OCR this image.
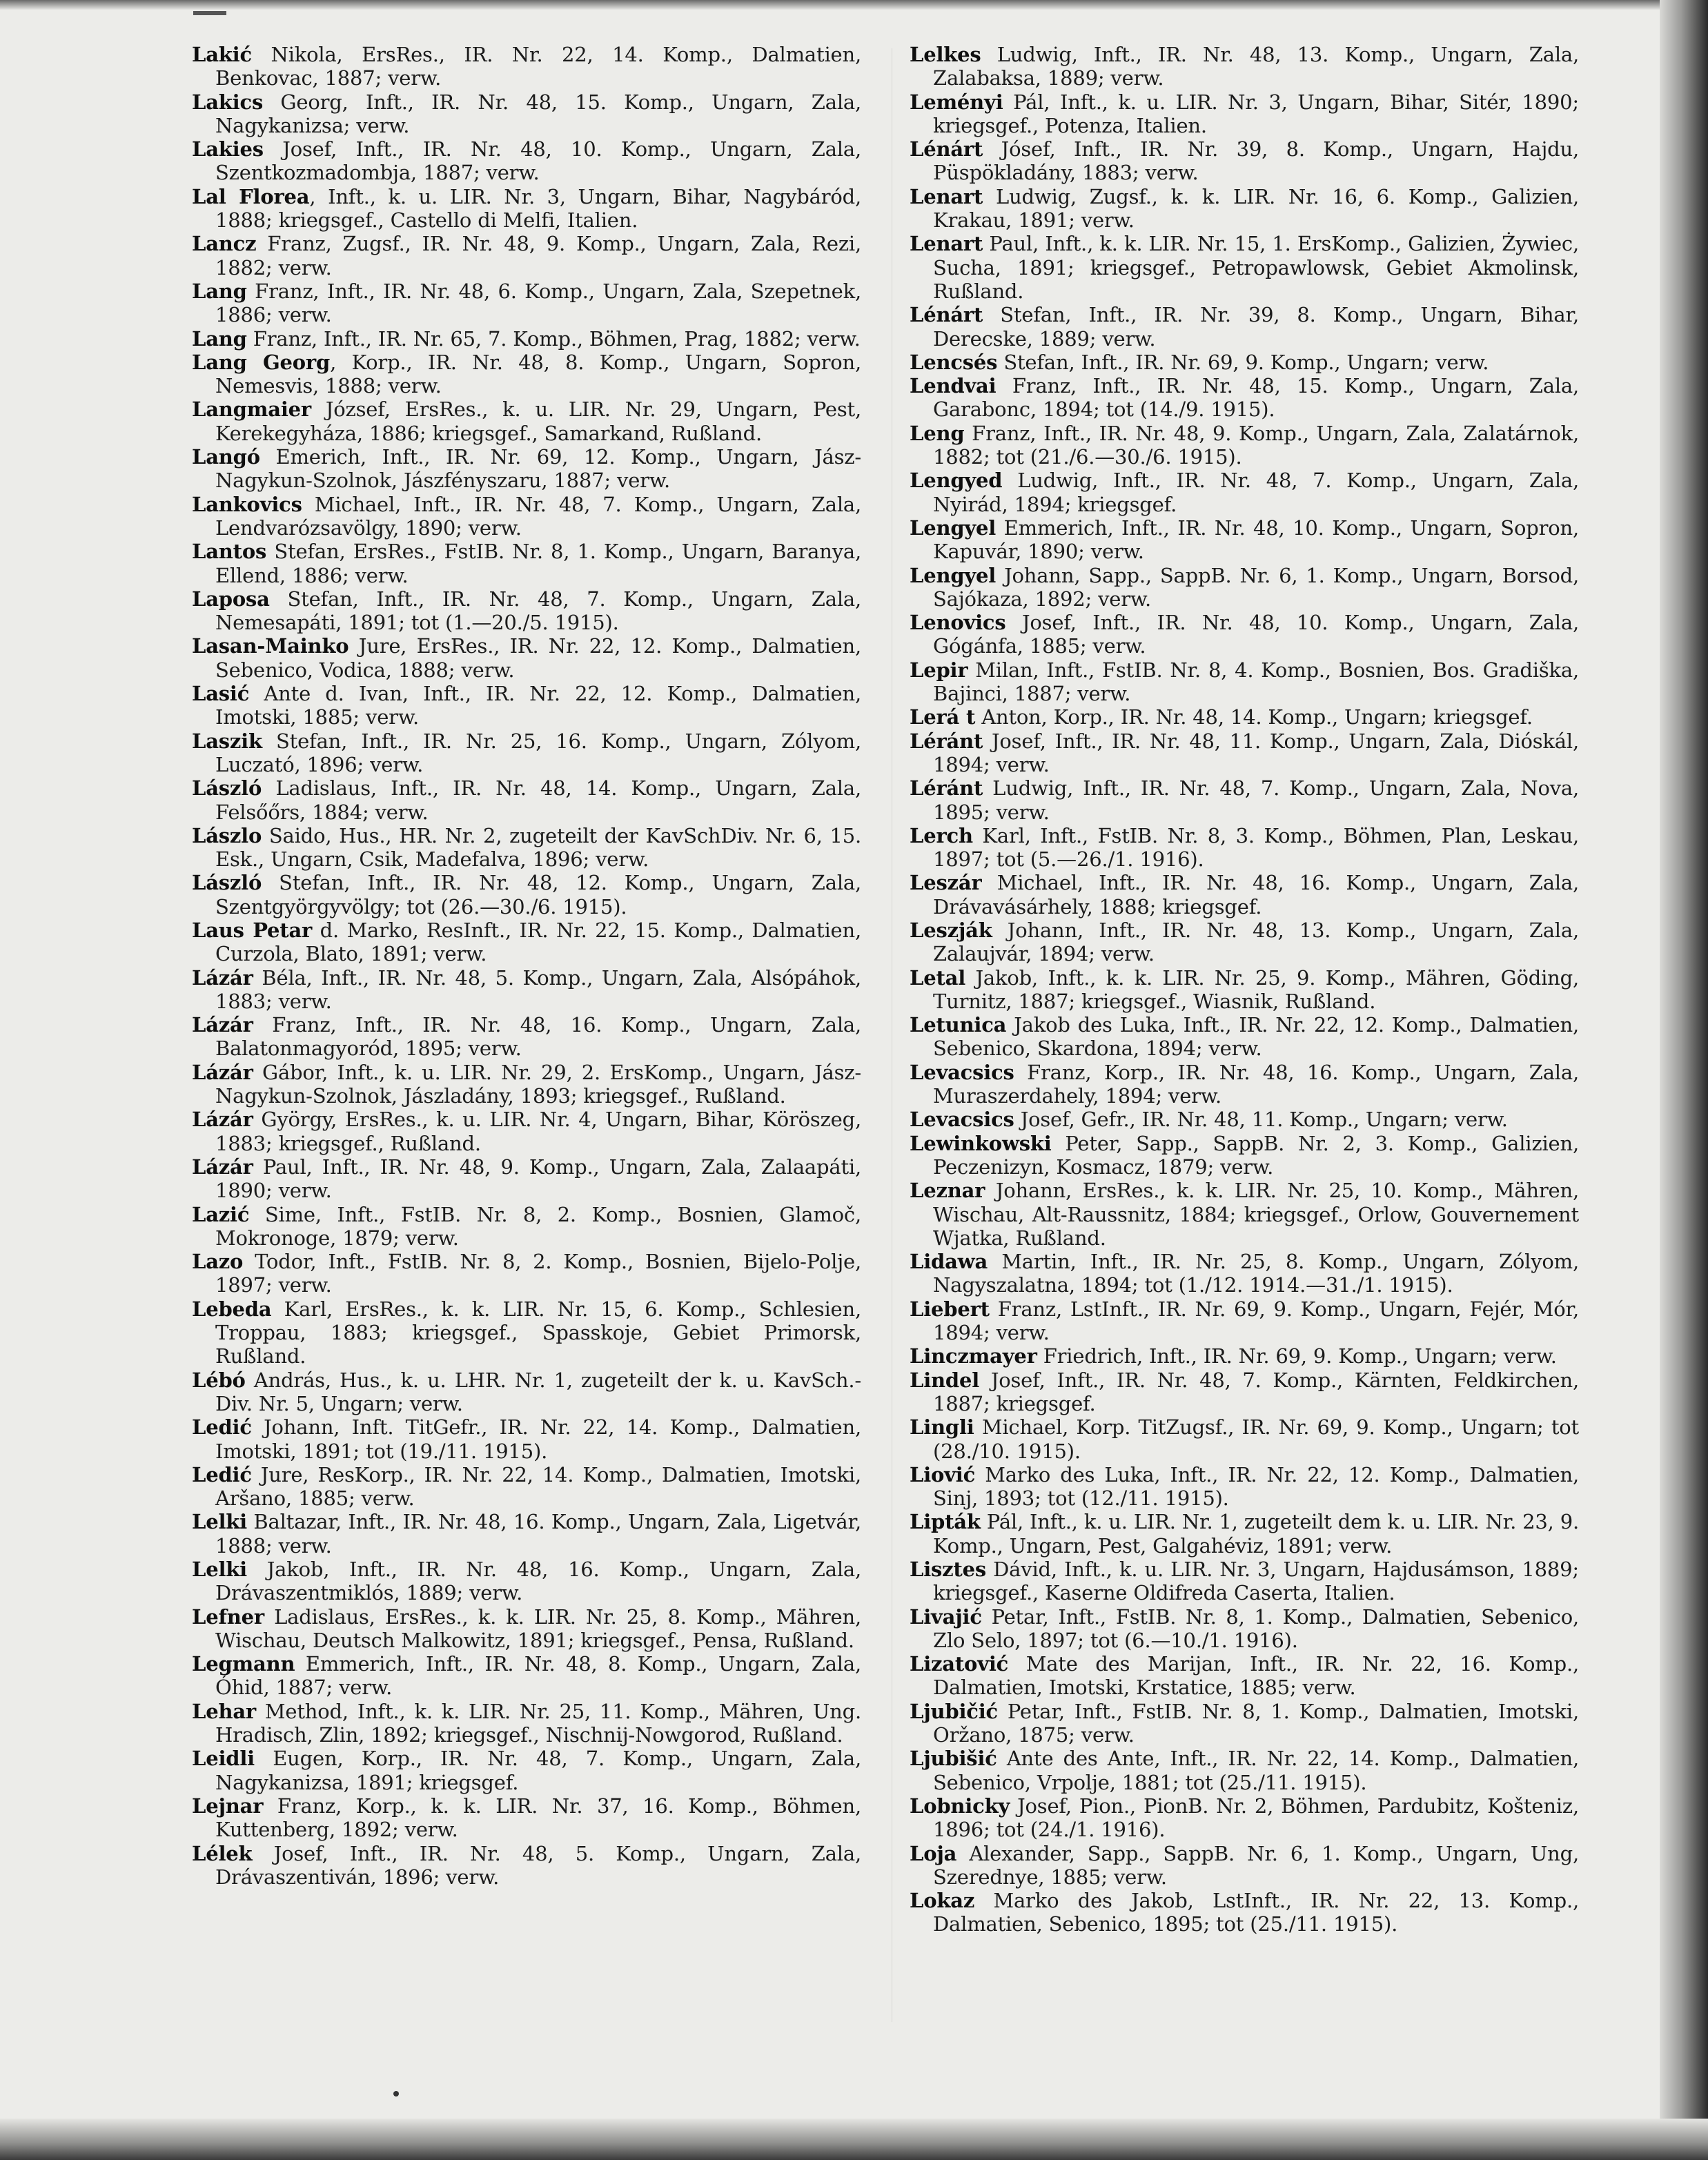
Lakić Nikola, ErsRes., IR. Nr. 22, 14. Komp., Dalmatien, Benkovac, 1887; verw.

Lakics Georg, Inft., IR. Nr. 48, 15. Komp., Ungarn, Zala, Nagykanizsa; verw.

Lakies Josef, Inft., IR. Nr. 48, 10. Komp., Ungarn, Zala, Szentkozmadombja, 1887; verw.

Lal Florea, Inft., k. u. LIR. Nr. 3, Ungarn, Bihar, Nagybáród, 1888; kriegsgef., Castello di Melfi, Italien.

Lancz Franz, Zugsf., IR. Nr. 48, 9. Komp., Ungarn, Zala, Rezi, 1882; verw.

Lang Franz, Inft., IR. Nr. 48, 6. Komp., Ungarn, Zala, Szepetnek, 1886; verw.

Lang Franz, Inft., IR. Nr. 65, 7. Komp., Böhmen, Prag, 1882; verw.

Lang Georg, Korp., IR. Nr. 48, 8. Komp., Ungarn, Sopron, Nemesvis, 1888; verw.

Langmaier József, ErsRes., k. u. LIR. Nr. 29, Ungarn, Pest, Kerekegyháza, 1886; kriegsgef., Samarkand, Rußland.

Langó Emerich, Inft., IR. Nr. 69, 12. Komp., Ungarn, Jász-Nagykun-Szolnok, Jászfényszaru, 1887; verw.

Lankovics Michael, Inft., IR. Nr. 48, 7. Komp., Ungarn, Zala, Lendvarózsavölgy, 1890; verw.

Lantos Stefan, ErsRes., FstIB. Nr. 8, 1. Komp., Ungarn, Baranya, Ellend, 1886; verw.

Laposa Stefan, Inft., IR. Nr. 48, 7. Komp., Ungarn, Zala, Nemesapáti, 1891; tot (1.—20./5. 1915).

Lasan-Mainko Jure, ErsRes., IR. Nr. 22, 12. Komp., Dalmatien, Sebenico, Vodica, 1888; verw.

Lasić Ante d. Ivan, Inft., IR. Nr. 22, 12. Komp., Dalmatien, Imotski, 1885; verw.

Laszik Stefan, Inft., IR. Nr. 25, 16. Komp., Ungarn, Zólyom, Luczató, 1896; verw.

László Ladislaus, Inft., IR. Nr. 48, 14. Komp., Ungarn, Zala, Felsőőrs, 1884; verw.

Lászlo Saido, Hus., HR. Nr. 2, zugeteilt der KavSchDiv. Nr. 6, 15. Esk., Ungarn, Csik, Madefalva, 1896; verw.

László Stefan, Inft., IR. Nr. 48, 12. Komp., Ungarn, Zala, Szentgyörgyvölgy; tot (26.—30./6. 1915).

Laus Petar d. Marko, ResInft., IR. Nr. 22, 15. Komp., Dalmatien, Curzola, Blato, 1891; verw.

Lázár Béla, Inft., IR. Nr. 48, 5. Komp., Ungarn, Zala, Alsópáhok, 1883; verw.

Lázár Franz, Inft., IR. Nr. 48, 16. Komp., Ungarn, Zala, Balatonmagyoród, 1895; verw.

Lázár Gábor, Inft., k. u. LIR. Nr. 29, 2. ErsKomp., Ungarn, Jász-Nagykun-Szolnok, Jászladány, 1893; kriegsgef., Rußland.

Lázár György, ErsRes., k. u. LIR. Nr. 4, Ungarn, Bihar, Köröszeg, 1883; kriegsgef., Rußland.

Lázár Paul, Inft., IR. Nr. 48, 9. Komp., Ungarn, Zala, Zalaapáti, 1890; verw.

Lazić Sime, Inft., FstIB. Nr. 8, 2. Komp., Bosnien, Glamoč, Mokronoge, 1879; verw.

Lazo Todor, Inft., FstIB. Nr. 8, 2. Komp., Bosnien, Bijelo-Polje, 1897; verw.

Lebeda Karl, ErsRes., k. k. LIR. Nr. 15, 6. Komp., Schlesien, Troppau, 1883; kriegsgef., Spasskoje, Gebiet Primorsk, Rußland.

Lébó András, Hus., k. u. LHR. Nr. 1, zugeteilt der k. u. KavSch.-Div. Nr. 5, Ungarn; verw.

Ledić Johann, Inft. TitGefr., IR. Nr. 22, 14. Komp., Dalmatien, Imotski, 1891; tot (19./11. 1915).

Ledić Jure, ResKorp., IR. Nr. 22, 14. Komp., Dalmatien, Imotski, Aršano, 1885; verw.

Lelki Baltazar, Inft., IR. Nr. 48, 16. Komp., Ungarn, Zala, Ligetvár, 1888; verw.

Lelki Jakob, Inft., IR. Nr. 48, 16. Komp., Ungarn, Zala, Drávaszentmiklós, 1889; verw.

Lefner Ladislaus, ErsRes., k. k. LIR. Nr. 25, 8. Komp., Mähren, Wischau, Deutsch Malkowitz, 1891; kriegsgef., Pensa, Rußland.

Legmann Emmerich, Inft., IR. Nr. 48, 8. Komp., Ungarn, Zala, Óhid, 1887; verw.

Lehar Method, Inft., k. k. LIR. Nr. 25, 11. Komp., Mähren, Ung. Hradisch, Zlin, 1892; kriegsgef., Nischnij-Nowgorod, Rußland.

Leidli Eugen, Korp., IR. Nr. 48, 7. Komp., Ungarn, Zala, Nagykanizsa, 1891; kriegsgef.

Lejnar Franz, Korp., k. k. LIR. Nr. 37, 16. Komp., Böhmen, Kuttenberg, 1892; verw.

Lélek Josef, Inft., IR. Nr. 48, 5. Komp., Ungarn, Zala, Drávaszentiván, 1896; verw.

Lelkes Ludwig, Inft., IR. Nr. 48, 13. Komp., Ungarn, Zala, Zalabaksa, 1889; verw.

Leményi Pál, Inft., k. u. LIR. Nr. 3, Ungarn, Bihar, Sitér, 1890; kriegsgef., Potenza, Italien.

Lénárt Jósef, Inft., IR. Nr. 39, 8. Komp., Ungarn, Hajdu, Püspökladány, 1883; verw.

Lenart Ludwig, Zugsf., k. k. LIR. Nr. 16, 6. Komp., Galizien, Krakau, 1891; verw.

Lenart Paul, Inft., k. k. LIR. Nr. 15, 1. ErsKomp., Galizien, Żywiec, Sucha, 1891; kriegsgef., Petropawlowsk, Gebiet Akmolinsk, Rußland.

Lénárt Stefan, Inft., IR. Nr. 39, 8. Komp., Ungarn, Bihar, Derecske, 1889; verw.

Lencsés Stefan, Inft., IR. Nr. 69, 9. Komp., Ungarn; verw.

Lendvai Franz, Inft., IR. Nr. 48, 15. Komp., Ungarn, Zala, Garabonc, 1894; tot (14./9. 1915).

Leng Franz, Inft., IR. Nr. 48, 9. Komp., Ungarn, Zala, Zalatárnok, 1882; tot (21./6.—30./6. 1915).

Lengyed Ludwig, Inft., IR. Nr. 48, 7. Komp., Ungarn, Zala, Nyirád, 1894; kriegsgef.

Lengyel Emmerich, Inft., IR. Nr. 48, 10. Komp., Ungarn, Sopron, Kapuvár, 1890; verw.

Lengyel Johann, Sapp., SappB. Nr. 6, 1. Komp., Ungarn, Borsod, Sajókaza, 1892; verw.

Lenovics Josef, Inft., IR. Nr. 48, 10. Komp., Ungarn, Zala, Gógánfa, 1885; verw.

Lepir Milan, Inft., FstIB. Nr. 8, 4. Komp., Bosnien, Bos. Gradiška, Bajinci, 1887; verw.

Lerá t Anton, Korp., IR. Nr. 48, 14. Komp., Ungarn; kriegsgef.

Léránt Josef, Inft., IR. Nr. 48, 11. Komp., Ungarn, Zala, Dióskál, 1894; verw.

Léránt Ludwig, Inft., IR. Nr. 48, 7. Komp., Ungarn, Zala, Nova, 1895; verw.

Lerch Karl, Inft., FstIB. Nr. 8, 3. Komp., Böhmen, Plan, Leskau, 1897; tot (5.—26./1. 1916).

Leszár Michael, Inft., IR. Nr. 48, 16. Komp., Ungarn, Zala, Drávavásárhely, 1888; kriegsgef.

Leszják Johann, Inft., IR. Nr. 48, 13. Komp., Ungarn, Zala, Zalaujvár, 1894; verw.

Letal Jakob, Inft., k. k. LIR. Nr. 25, 9. Komp., Mähren, Göding, Turnitz, 1887; kriegsgef., Wiasnik, Rußland.

Letunica Jakob des Luka, Inft., IR. Nr. 22, 12. Komp., Dalmatien, Sebenico, Skardona, 1894; verw.

Levacsics Franz, Korp., IR. Nr. 48, 16. Komp., Ungarn, Zala, Muraszerdahely, 1894; verw.

Levacsics Josef, Gefr., IR. Nr. 48, 11. Komp., Ungarn; verw.

Lewinkowski Peter, Sapp., SappB. Nr. 2, 3. Komp., Galizien, Peczenizyn, Kosmacz, 1879; verw.

Leznar Johann, ErsRes., k. k. LIR. Nr. 25, 10. Komp., Mähren, Wischau, Alt-Raussnitz, 1884; kriegsgef., Orlow, Gouvernement Wjatka, Rußland.

Lidawa Martin, Inft., IR. Nr. 25, 8. Komp., Ungarn, Zólyom, Nagyszalatna, 1894; tot (1./12. 1914.—31./1. 1915).

Liebert Franz, LstInft., IR. Nr. 69, 9. Komp., Ungarn, Fejér, Mór, 1894; verw.

Linczmayer Friedrich, Inft., IR. Nr. 69, 9. Komp., Ungarn; verw.

Lindel Josef, Inft., IR. Nr. 48, 7. Komp., Kärnten, Feldkirchen, 1887; kriegsgef.

Lingli Michael, Korp. TitZugsf., IR. Nr. 69, 9. Komp., Ungarn; tot (28./10. 1915).

Liović Marko des Luka, Inft., IR. Nr. 22, 12. Komp., Dalmatien, Sinj, 1893; tot (12./11. 1915).

Lipták Pál, Inft., k. u. LIR. Nr. 1, zugeteilt dem k. u. LIR. Nr. 23, 9. Komp., Ungarn, Pest, Galgahéviz, 1891; verw.

Lisztes Dávid, Inft., k. u. LIR. Nr. 3, Ungarn, Hajdusámson, 1889; kriegsgef., Kaserne Oldifreda Caserta, Italien.

Livajić Petar, Inft., FstIB. Nr. 8, 1. Komp., Dalmatien, Sebenico, Zlo Selo, 1897; tot (6.—10./1. 1916).

Lizatović Mate des Marijan, Inft., IR. Nr. 22, 16. Komp., Dalmatien, Imotski, Krstatice, 1885; verw.

Ljubičić Petar, Inft., FstIB. Nr. 8, 1. Komp., Dalmatien, Imotski, Oržano, 1875; verw.

Ljubišić Ante des Ante, Inft., IR. Nr. 22, 14. Komp., Dalmatien, Sebenico, Vrpolje, 1881; tot (25./11. 1915).

Lobnicky Josef, Pion., PionB. Nr. 2, Böhmen, Pardubitz, Košteniz, 1896; tot (24./1. 1916).

Loja Alexander, Sapp., SappB. Nr. 6, 1. Komp., Ungarn, Ung, Szerednye, 1885; verw.

Lokaz Marko des Jakob, LstInft., IR. Nr. 22, 13. Komp., Dalmatien, Sebenico, 1895; tot (25./11. 1915).
